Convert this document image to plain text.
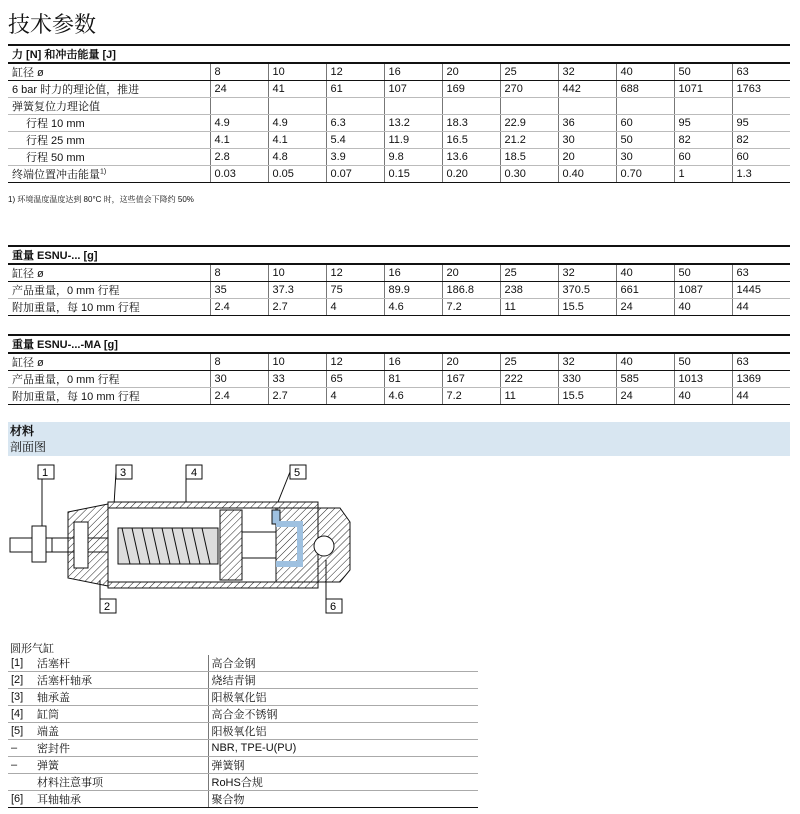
技术参数
力 [N] 和冲击能量 [J]										
缸径 ø	8	10	12	16	20	25	32	40	50	63
6 bar 时力的理论值，推进	24	41	61	107	169	270	442	688	1071	1763
弹簧复位力理论值										
行程 10 mm	4.9	4.9	6.3	13.2	18.3	22.9	36	60	95	95
行程 25 mm	4.1	4.1	5.4	11.9	16.5	21.2	30	50	82	82
行程 50 mm	2.8	4.8	3.9	9.8	13.6	18.5	20	30	60	60
终端位置冲击能量$^{1)}$	0.03	0.05	0.07	0.15	0.20	0.30	0.40	0.70	1	1.3
1) 环境温度温度达到 80°C 时，这些值会下降约 50%
重量 ESNU-... [g]										
缸径 ø	8	10	12	16	20	25	32	40	50	63
产品重量，0 mm 行程	35	37.3	75	89.9	186.8	238	370.5	661	1087	1445
附加重量，每 10 mm 行程	2.4	2.7	4	4.6	7.2	11	15.5	24	40	44
重量 ESNU-...-MA [g]										
缸径 ø	8	10	12	16	20	25	32	40	50	63
产品重量，0 mm 行程	30	33	65	81	167	222	330	585	1013	1369
附加重量，每 10 mm 行程	2.4	2.7	4	4.6	7.2	11	15.5	24	40	44
材料
剖面图
1	3	4	5
2	6
圆形气缸
[1]	活塞杆	高合金钢
[2]	活塞杆轴承	烧结青铜
[3]	轴承盖	阳极氧化铝
[4]	缸筒	高合金不锈钢
[5]	端盖	阳极氧化铝
–	密封件	NBR, TPE-U(PU)
–	弹簧	弹簧钢
	材料注意事项	RoHS合规
[6]	耳轴轴承	聚合物
